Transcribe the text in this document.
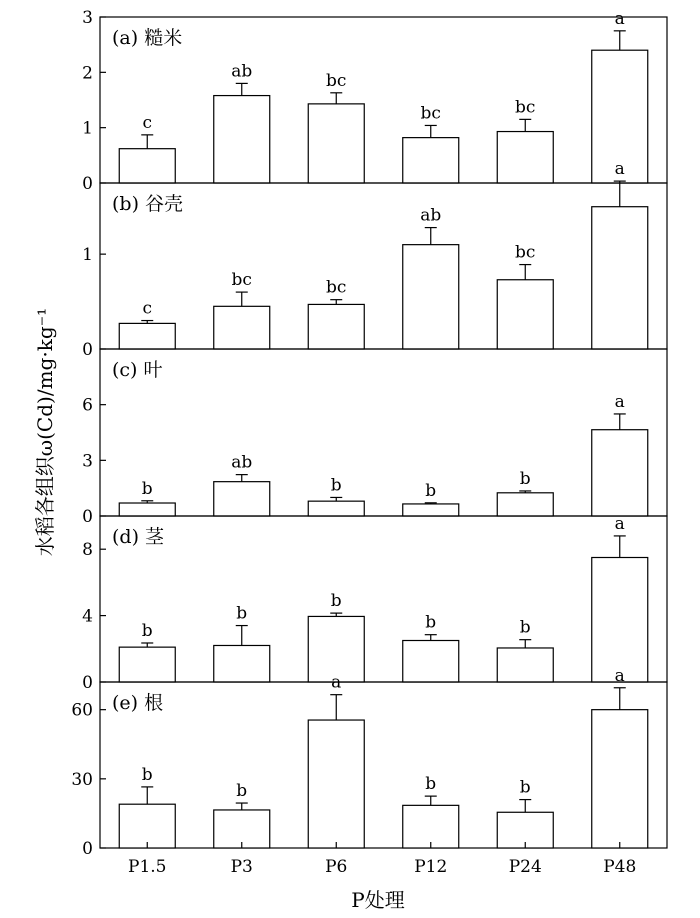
0
1
2
3
(a) 糙米
c
ab	bc
bc	bc
a
0
1
(b) 谷壳
c
bc	bc
ab
bc
a
0
3
6
(c) 叶
b
ab
b	b
b
a
0
4
8
(d) 茎
b
b
b
b	b
a
0
30
60 (e) 根
b
b
a
b	b
a
P1.5	P3	P6	P12	P24	P48
水稻各组织ω(Cd)/mg·kg⁻¹
P处理
